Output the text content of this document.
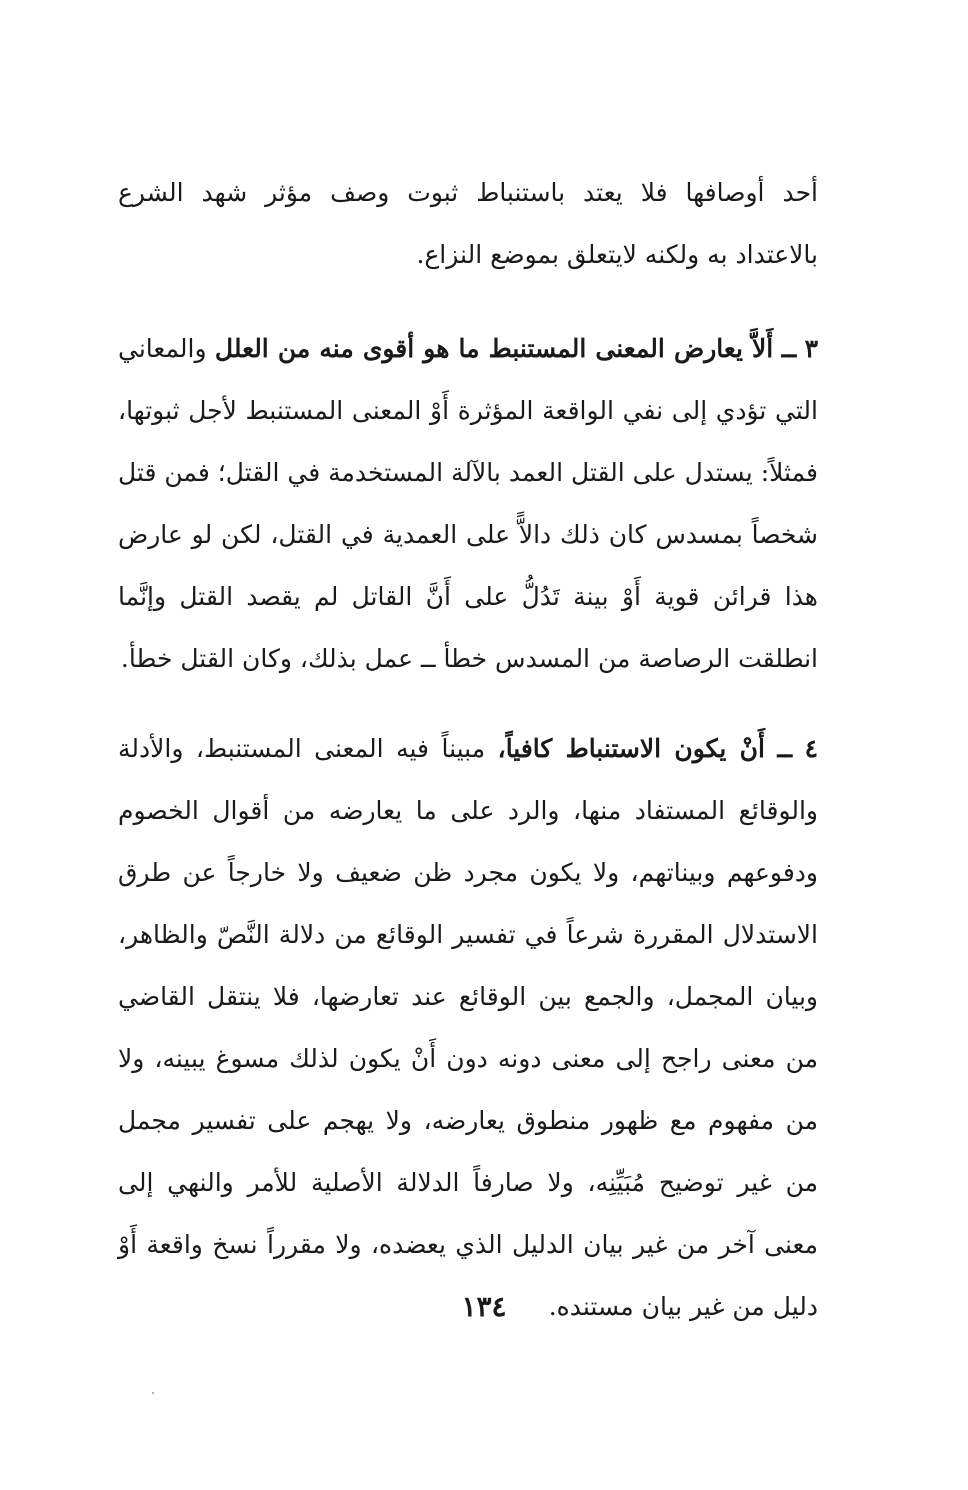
أحد أوصافها فلا يعتد باستنباط ثبوت وصف مؤثر شهد الشرع بالاعتداد به ولكنه لايتعلق بموضع النزاع.

٣ ــ أَلاَّ يعارض المعنى المستنبط ما هو أقوى منه من العلل والمعاني التي تؤدي إلى نفي الواقعة المؤثرة أَوْ المعنى المستنبط لأجل ثبوتها، فمثلاً: يستدل على القتل العمد بالآلة المستخدمة في القتل؛ فمن قتل شخصاً بمسدس كان ذلك دالاًّ على العمدية في القتل، لكن لو عارض هذا قرائن قوية أَوْ بينة تَدُلُّ على أَنَّ القاتل لم يقصد القتل وإنَّما انطلقت الرصاصة من المسدس خطأ ــ عمل بذلك، وكان القتل خطأ.

٤ ــ أَنْ يكون الاستنباط كافياً، مبيناً فيه المعنى المستنبط، والأدلة والوقائع المستفاد منها، والرد على ما يعارضه من أقوال الخصوم ودفوعهم وبيناتهم، ولا يكون مجرد ظن ضعيف ولا خارجاً عن طرق الاستدلال المقررة شرعاً في تفسير الوقائع من دلالة النَّصّ والظاهر، وبيان المجمل، والجمع بين الوقائع عند تعارضها، فلا ينتقل القاضي من معنى راجح إلى معنى دونه دون أَنْ يكون لذلك مسوغ يبينه، ولا من مفهوم مع ظهور منطوق يعارضه، ولا يهجم على تفسير مجمل من غير توضيح مُبَيِّنِه، ولا صارفاً الدلالة الأصلية للأمر والنهي إلى معنى آخر من غير بيان الدليل الذي يعضده، ولا مقرراً نسخ واقعة أَوْ دليل من غير بيان مستنده.

١٣٤
